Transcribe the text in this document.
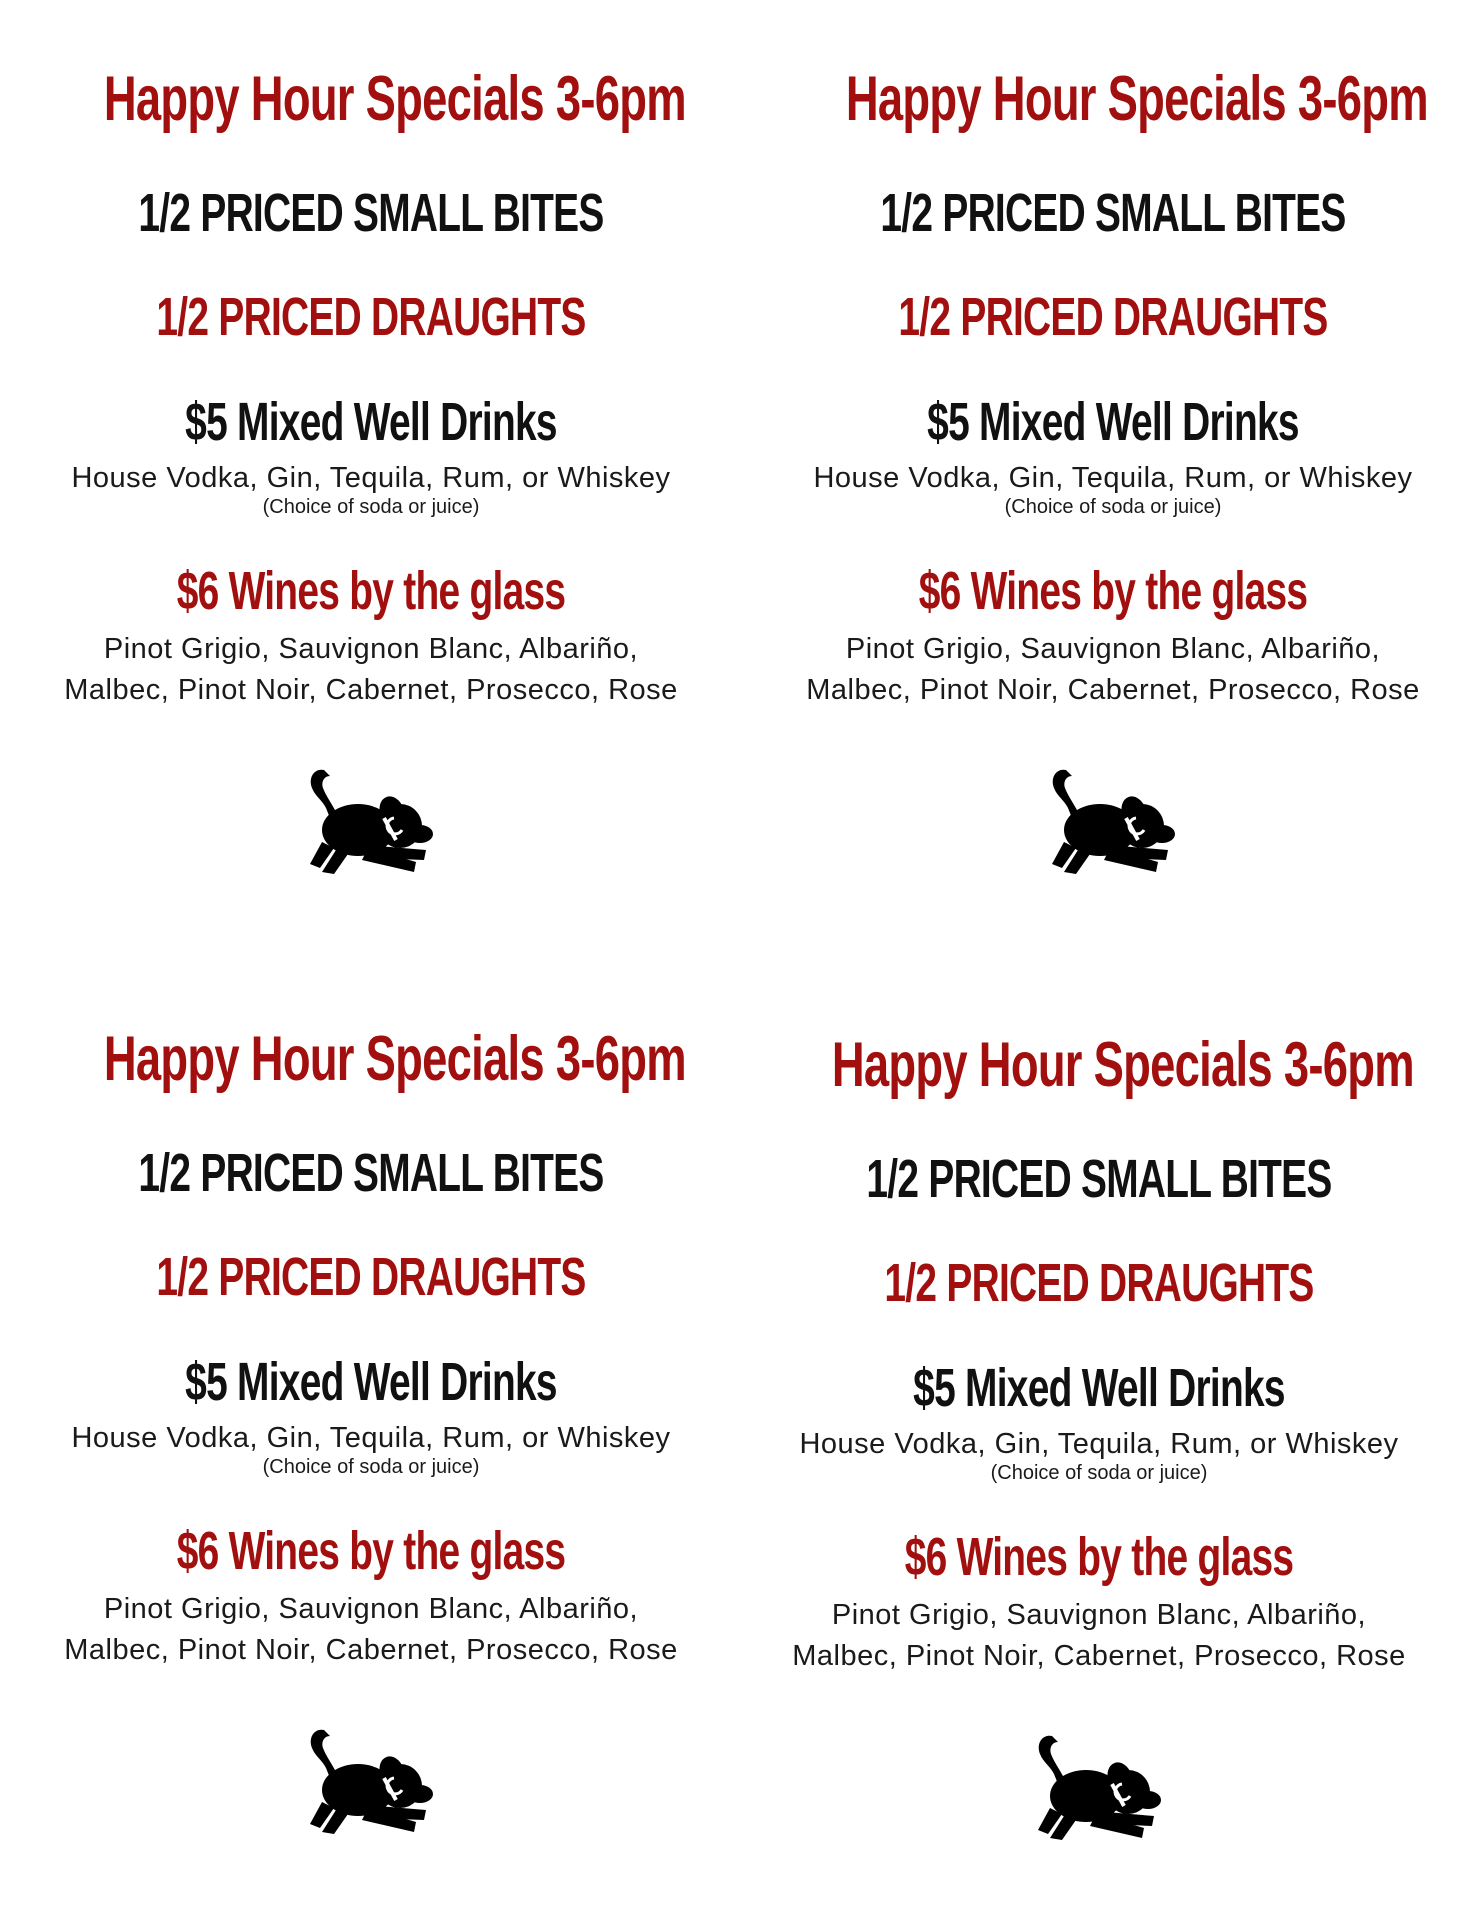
Happy Hour Specials 3-6pm
1/2 PRICED SMALL BITES
1/2 PRICED DRAUGHTS
$5 Mixed Well Drinks
House Vodka, Gin, Tequila, Rum, or Whiskey
(Choice of soda or juice)
$6 Wines by the glass
Pinot Grigio, Sauvignon Blanc, Albariño,
Malbec, Pinot Noir, Cabernet, Prosecco, Rose
Happy Hour Specials 3-6pm
1/2 PRICED SMALL BITES
1/2 PRICED DRAUGHTS
$5 Mixed Well Drinks
House Vodka, Gin, Tequila, Rum, or Whiskey
(Choice of soda or juice)
$6 Wines by the glass
Pinot Grigio, Sauvignon Blanc, Albariño,
Malbec, Pinot Noir, Cabernet, Prosecco, Rose
Happy Hour Specials 3-6pm
1/2 PRICED SMALL BITES
1/2 PRICED DRAUGHTS
$5 Mixed Well Drinks
House Vodka, Gin, Tequila, Rum, or Whiskey
(Choice of soda or juice)
$6 Wines by the glass
Pinot Grigio, Sauvignon Blanc, Albariño,
Malbec, Pinot Noir, Cabernet, Prosecco, Rose
Happy Hour Specials 3-6pm
1/2 PRICED SMALL BITES
1/2 PRICED DRAUGHTS
$5 Mixed Well Drinks
House Vodka, Gin, Tequila, Rum, or Whiskey
(Choice of soda or juice)
$6 Wines by the glass
Pinot Grigio, Sauvignon Blanc, Albariño,
Malbec, Pinot Noir, Cabernet, Prosecco, Rose
